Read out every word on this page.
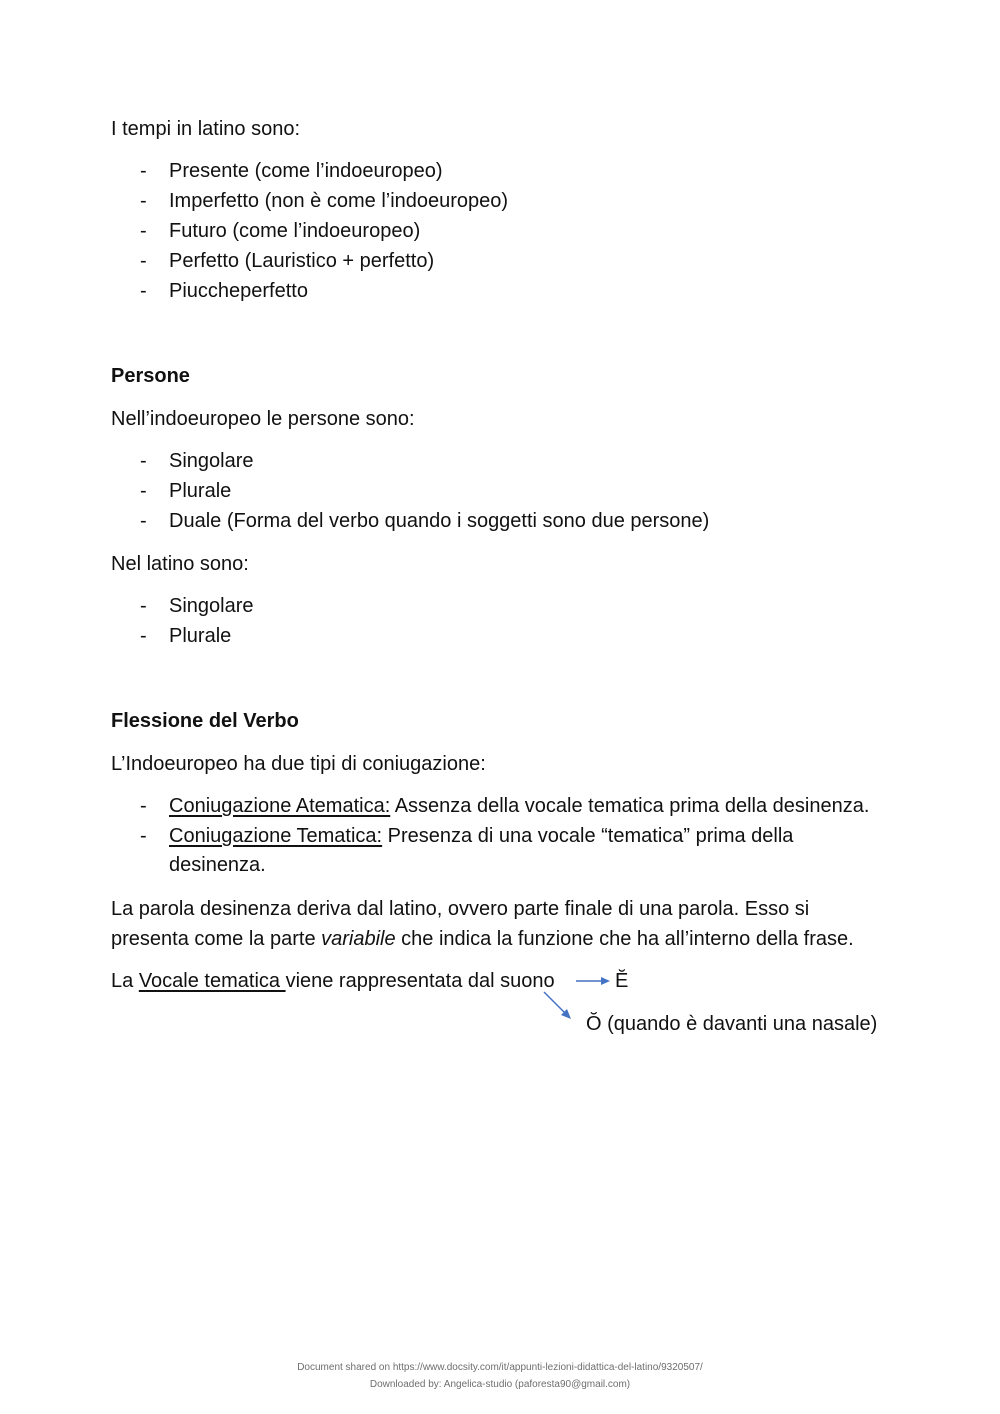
I tempi in latino sono:
- Presente (come l’indoeuropeo)
- Imperfetto (non è come l’indoeuropeo)
- Futuro (come l’indoeuropeo)
- Perfetto (Lauristico + perfetto)
- Piuccheperfetto
Persone
Nell’indoeuropeo le persone sono:
- Singolare
- Plurale
- Duale (Forma del verbo quando i soggetti sono due persone)
Nel latino sono:
- Singolare
- Plurale
Flessione del Verbo
L’Indoeuropeo ha due tipi di coniugazione:
- Coniugazione Atematica: Assenza della vocale tematica prima della desinenza.
- Coniugazione Tematica: Presenza di una vocale “tematica” prima della
desinenza.
La parola desinenza deriva dal latino, ovvero parte finale di una parola. Esso si
presenta come la parte variabile che indica la funzione che ha all’interno della frase.
La Vocale tematica viene rappresentata dal suono	Ĕ
Ŏ (quando è davanti una nasale)
Document shared on https://www.docsity.com/it/appunti-lezioni-didattica-del-latino/9320507/
Downloaded by: Angelica-studio (paforesta90@gmail.com)
